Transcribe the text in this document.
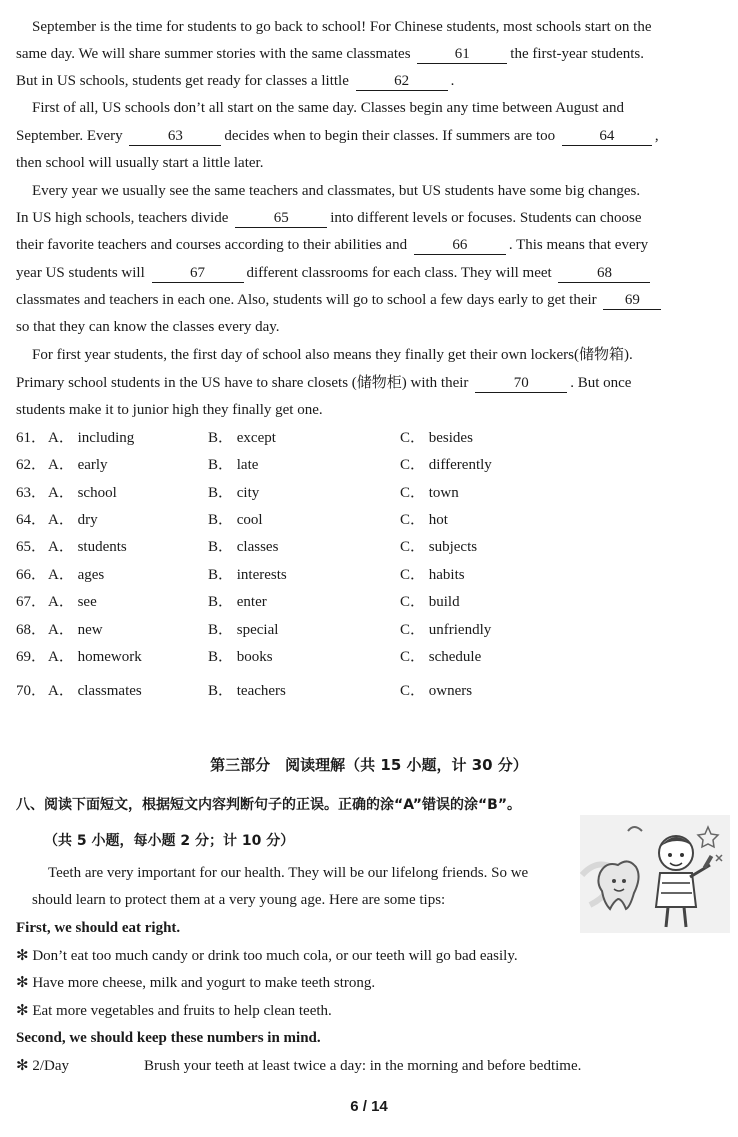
September is the time for students to go back to school! For Chinese students, most schools start on the
same day. We will share summer stories with the same classmates	61	the first-year students.
But in US schools, students get ready for classes a little	62	.
First of all, US schools don’t all start on the same day. Classes begin any time between August and
September. Every	63	decides when to begin their classes. If summers are too	64	,
then school will usually start a little later.
Every year we usually see the same teachers and classmates, but US students have some big changes.
In US high schools, teachers divide	65	into different levels or focuses. Students can choose
their favorite teachers and courses according to their abilities and	66	. This means that every
year US students will	67	different classrooms for each class. They will meet	68
classmates and teachers in each one. Also, students will go to school a few days early to get their 69
so that they can know the classes every day.
For first year students, the first day of school also means they finally get their own lockers(储物箱).
Primary school students in the US have to share closets (储物柜) with their	70	. But once
students make it to junior high they finally get one.
61． A． including	B． except	C． besides
62． A． early	B． late	C． differently
63． A． school	B． city	C． town
64． A． dry	B． cool	C． hot
65． A． students	B． classes	C． subjects
66． A． ages	B． interests	C． habits
67． A． see	B． enter	C． build
68． A． new	B． special	C． unfriendly
69． A． homework	B． books	C． schedule
70． A． classmates	B． teachers	C． owners
第三部分　阅读理解（共 15 小题，计 30 分）
八、阅读下面短文，根据短文内容判断句子的正误。正确的涂“A”错误的涂“B”。
（共 5 小题，每小题 2 分；计 10 分）
Teeth are very important for our health. They will be our lifelong friends. So we
should learn to protect them at a very young age. Here are some tips:
First, we should eat right.
✻ Don’t eat too much candy or drink too much cola, or our teeth will go bad easily.
✻ Have more cheese, milk and yogurt to make teeth strong.
✻ Eat more vegetables and fruits to help clean teeth.
Second, we should keep these numbers in mind.
✻ 2/Day	Brush your teeth at least twice a day: in the morning and before bedtime.
6 / 14
